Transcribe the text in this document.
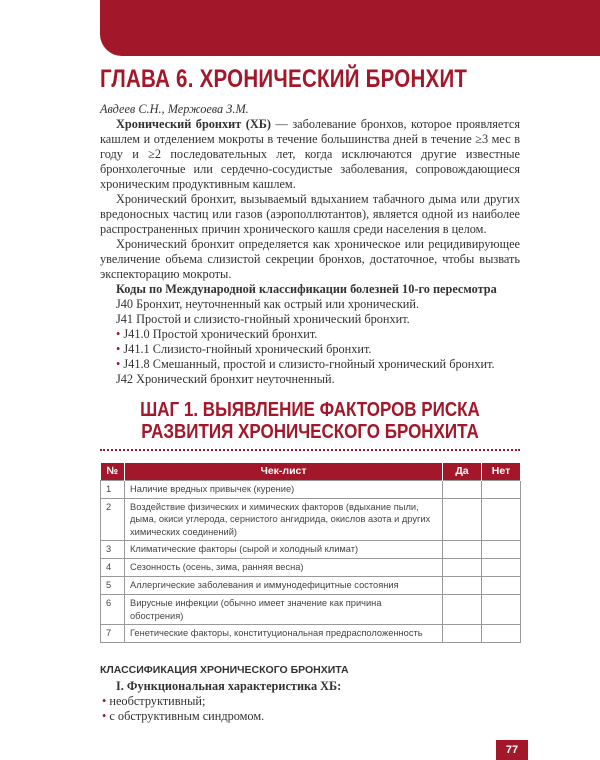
ГЛАВА 6. ХРОНИЧЕСКИЙ БРОНХИТ

Авдеев С.Н., Мержоева З.М.

Хронический бронхит (ХБ) — заболевание бронхов, которое проявляется кашлем и отделением мокроты в течение большинства дней в течение ≥3 мес в году и ≥2 последовательных лет, когда исключаются другие известные бронхолегочные или сердечно-сосудистые заболевания, сопровождающиеся хроническим продуктивным кашлем.

Хронический бронхит, вызываемый вдыханием табачного дыма или других вредоносных частиц или газов (аэрополлютантов), является одной из наиболее распространенных причин хронического кашля среди населения в целом.

Хронический бронхит определяется как хроническое или рецидивирующее увеличение объема слизистой секреции бронхов, достаточное, чтобы вызвать экспекторацию мокроты.

Коды по Международной классификации болезней 10-го пересмотра
J40 Бронхит, неуточненный как острый или хронический.
J41 Простой и слизисто-гнойный хронический бронхит.
• J41.0 Простой хронический бронхит.
• J41.1 Слизисто-гнойный хронический бронхит.
• J41.8 Смешанный, простой и слизисто-гнойный хронический бронхит.
J42 Хронический бронхит неуточненный.
ШАГ 1. ВЫЯВЛЕНИЕ ФАКТОРОВ РИСКА РАЗВИТИЯ ХРОНИЧЕСКОГО БРОНХИТА
№	Чек-лист	Да	Нет
1	Наличие вредных привычек (курение)		
2	Воздействие физических и химических факторов (вдыхание пыли, дыма, окиси углерода, сернистого ангидрида, окислов азота и других химических соединений)		
3	Климатические факторы (сырой и холодный климат)		
4	Сезонность (осень, зима, ранняя весна)		
5	Аллергические заболевания и иммунодефицитные состояния		
6	Вирусные инфекции (обычно имеет значение как причина обострения)		
7	Генетические факторы, конституциональная предрасположенность		
КЛАССИФИКАЦИЯ ХРОНИЧЕСКОГО БРОНХИТА
I. Функциональная характеристика ХБ:
• необструктивный;
• с обструктивным синдромом.
77
